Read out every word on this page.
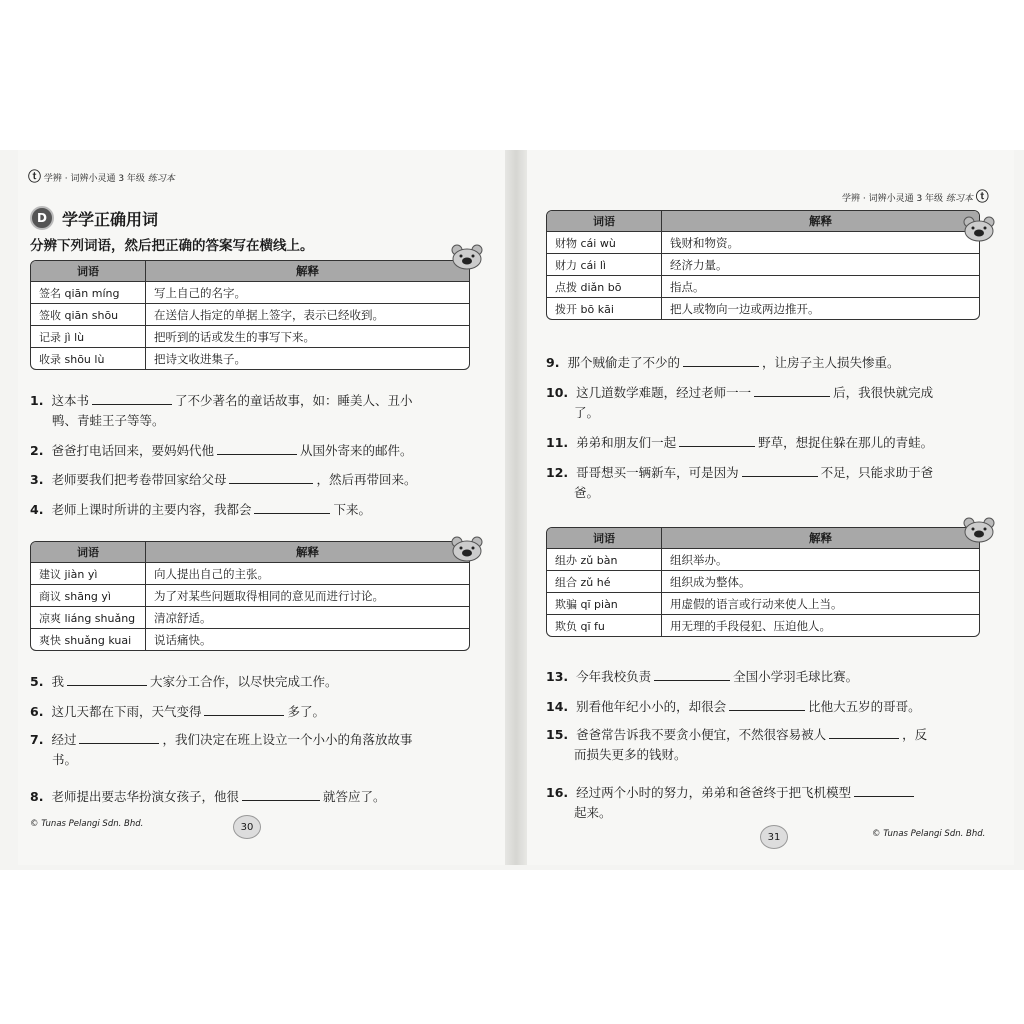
ⓣ 学辨 · 词辨小灵通 3 年级 练习本
D 学学正确用词
分辨下列词语，然后把正确的答案写在横线上。
词语	解释
签名 qiān míng	写上自己的名字。
签收 qiān shōu	在送信人指定的单据上签字，表示已经收到。
记录 jì lù	把听到的话或发生的事写下来。
收录 shōu lù	把诗文收进集子。
1. 这本书	了不少著名的童话故事，如：睡美人、丑小
鸭、青蛙王子等等。
2. 爸爸打电话回来，要妈妈代他	从国外寄来的邮件。
3. 老师要我们把考卷带回家给父母	，然后再带回来。
4. 老师上课时所讲的主要内容，我都会	下来。
词语	解释
建议 jiàn yì	向人提出自己的主张。
商议 shāng yì	为了对某些问题取得相同的意见而进行讨论。
凉爽 liáng shuǎng	清凉舒适。
爽快 shuǎng kuai	说话痛快。
5. 我	大家分工合作，以尽快完成工作。
6. 这几天都在下雨，天气变得	多了。
7. 经过	，我们决定在班上设立一个小小的角落放故事
书。
8. 老师提出要志华扮演女孩子，他很	就答应了。
© Tunas Pelangi Sdn. Bhd.	30
学辨 · 词辨小灵通 3 年级 练习本 ⓣ
词语	解释
财物 cái wù	钱财和物资。
财力 cái lì	经济力量。
点拨 diǎn bō	指点。
拨开 bō kāi	把人或物向一边或两边推开。
9. 那个贼偷走了不少的	，让房子主人损失惨重。
10. 这几道数学难题，经过老师一一	后，我很快就完成
了。
11. 弟弟和朋友们一起	野草，想捉住躲在那儿的青蛙。
12. 哥哥想买一辆新车，可是因为	不足，只能求助于爸
爸。
词语	解释
组办 zǔ bàn	组织举办。
组合 zǔ hé	组织成为整体。
欺骗 qī piàn	用虚假的语言或行动来使人上当。
欺负 qī fu	用无理的手段侵犯、压迫他人。
13. 今年我校负责	全国小学羽毛球比赛。
14. 别看他年纪小小的，却很会	比他大五岁的哥哥。
15. 爸爸常告诉我不要贪小便宜，不然很容易被人	，反
而损失更多的钱财。
16. 经过两个小时的努力，弟弟和爸爸终于把飞机模型
起来。
31	© Tunas Pelangi Sdn. Bhd.
